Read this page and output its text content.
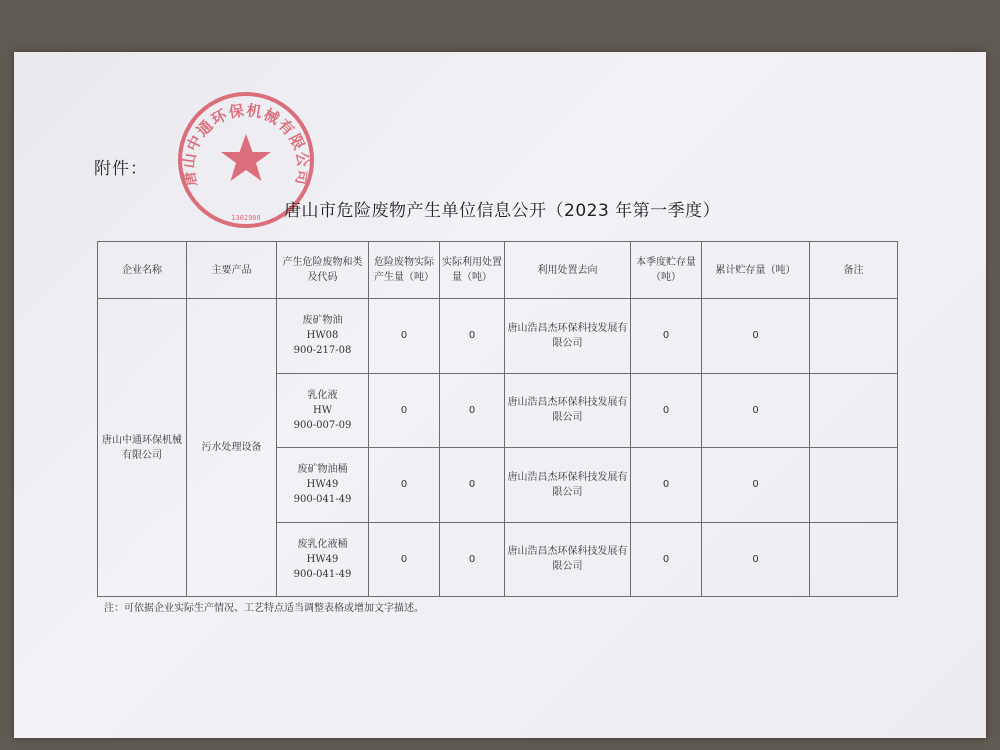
唐山中通环保机械有限公司
1302980
附件：
唐山市危险废物产生单位信息公开（2023 年第一季度）
企业名称	主要产品	产生危险废物和类及代码	危险废物实际产生量（吨）	实际利用处置量（吨）	利用处置去向	本季度贮存量（吨）	累计贮存量（吨）	备注
唐山中通环保机械有限公司	污水处理设备	废矿物油
HW08
900-217-08	0	0	唐山浩昌杰环保科技发展有限公司	0	0	

		乳化液
HW
900-007-09	0	0	唐山浩昌杰环保科技发展有限公司	0	0	

		废矿物油桶
HW49
900-041-49	0	0	唐山浩昌杰环保科技发展有限公司	0	0	

		废乳化液桶
HW49
900-041-49	0	0	唐山浩昌杰环保科技发展有限公司	0	0	
注：可依据企业实际生产情况、工艺特点适当调整表格或增加文字描述。
